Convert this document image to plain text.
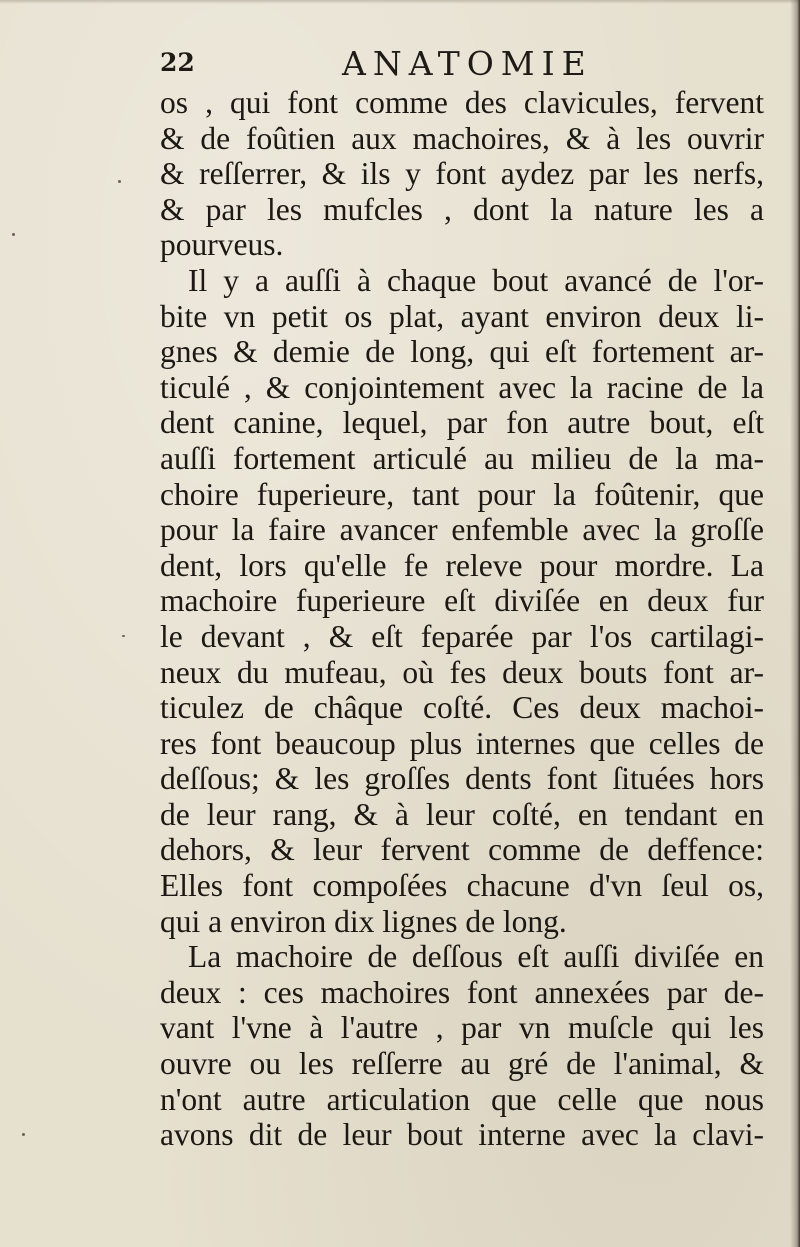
22	ANATOMIE
os , qui font comme des clavicules, fervent
& de foûtien aux machoires, & à les ouvrir
& reſſerrer, & ils y font aydez par les nerfs,
& par les mufcles , dont la nature les a
pourveus.
Il y a auſſi à chaque bout avancé de l'or-
bite vn petit os plat, ayant environ deux li-
gnes & demie de long, qui eſt fortement ar-
ticulé , & conjointement avec la racine de la
dent canine, lequel, par fon autre bout, eſt
auſſi fortement articulé au milieu de la ma-
choire fuperieure, tant pour la foûtenir, que
pour la faire avancer enfemble avec la groſſe
dent, lors qu'elle fe releve pour mordre. La
machoire fuperieure eſt diviſée en deux fur
le devant , & eſt feparée par l'os cartilagi-
neux du mufeau, où fes deux bouts font ar-
ticulez de châque coſté. Ces deux machoi-
res font beaucoup plus internes que celles de
deſſous; & les groſſes dents font ſituées hors
de leur rang, & à leur coſté, en tendant en
dehors, & leur fervent comme de deffence:
Elles font compoſées chacune d'vn ſeul os,
qui a environ dix lignes de long.
La machoire de deſſous eſt auſſi diviſée en
deux : ces machoires font annexées par de-
vant l'vne à l'autre , par vn muſcle qui les
ouvre ou les reſſerre au gré de l'animal, &
n'ont autre articulation que celle que nous
avons dit de leur bout interne avec la clavi-
